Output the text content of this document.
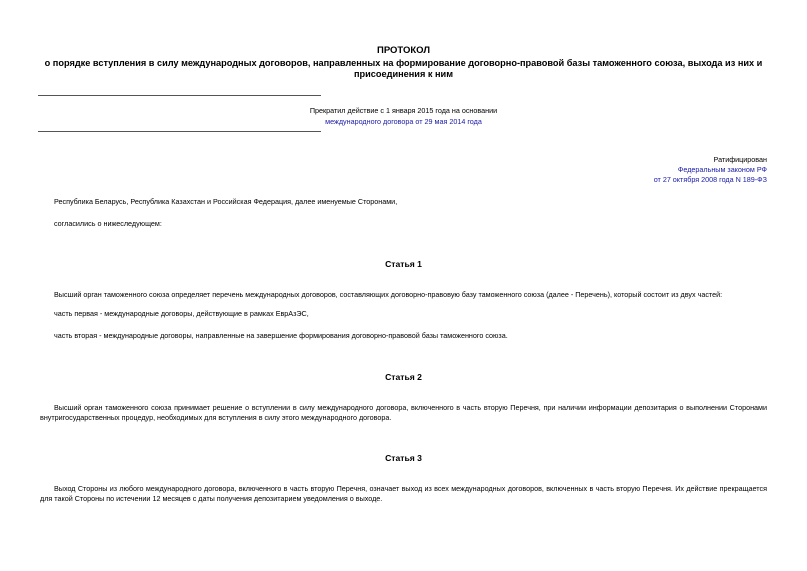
ПРОТОКОЛ
о порядке вступления в силу международных договоров, направленных на формирование договорно-правовой базы таможенного союза, выхода из них и присоединения к ним
Прекратил действие с 1 января 2015 года на основании
международного договора от 29 мая 2014 года
Ратифицирован
Федеральным законом РФ
от 27 октября 2008 года N 189-ФЗ
Республика Беларусь, Республика Казахстан и Российская Федерация, далее именуемые Сторонами,
согласились о нижеследующем:
Статья 1
Высший орган таможенного союза определяет перечень международных договоров, составляющих договорно-правовую базу таможенного союза (далее - Перечень), который состоит из двух частей:
часть первая - международные договоры, действующие в рамках ЕврАзЭС,
часть вторая - международные договоры, направленные на завершение формирования договорно-правовой базы таможенного союза.
Статья 2
Высший орган таможенного союза принимает решение о вступлении в силу международного договора, включенного в часть вторую Перечня, при наличии информации депозитария о выполнении Сторонами внутригосударственных процедур, необходимых для вступления в силу этого международного договора.
Статья 3
Выход Стороны из любого международного договора, включенного в часть вторую Перечня, означает выход из всех международных договоров, включенных в часть вторую Перечня. Их действие прекращается для такой Стороны по истечении 12 месяцев с даты получения депозитарием уведомления о выходе.
